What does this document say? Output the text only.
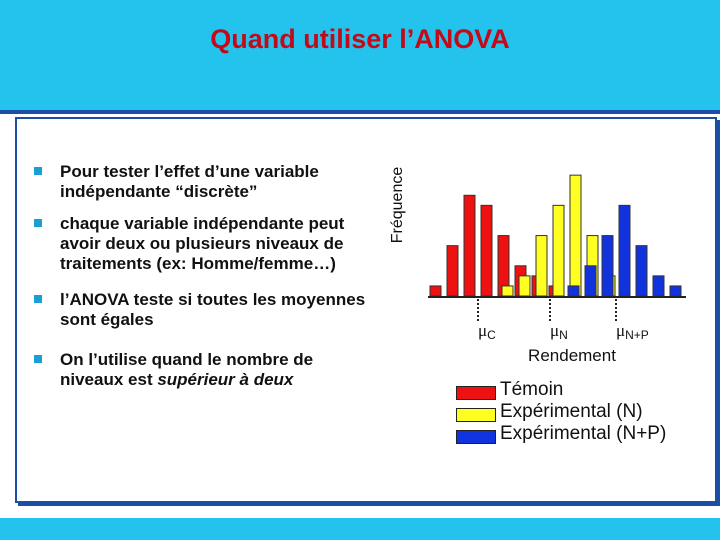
Quand utiliser l’ANOVA
Pour tester l’effet d’une variable indépendante “discrète”
chaque variable indépendante peut avoir deux ou plusieurs niveaux de traitements (ex: Homme/femme…)
l’ANOVA teste si toutes les moyennes sont égales
On l’utilise quand le nombre de niveaux est supérieur à deux
Fréquence
μC	μN	μN+P
Rendement
Témoin
Expérimental (N)
Expérimental (N+P)
